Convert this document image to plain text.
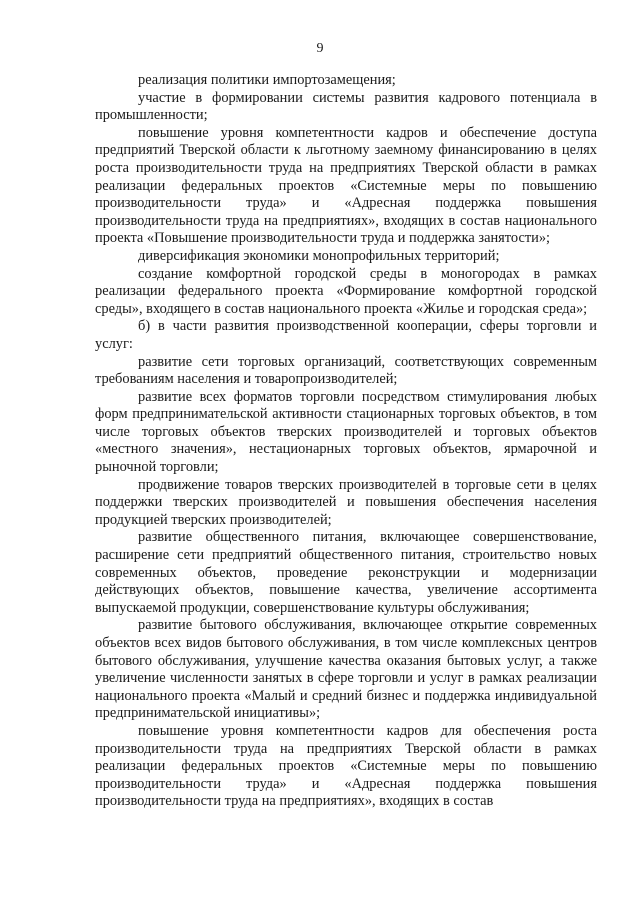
9

реализация политики импортозамещения;

участие в формировании системы развития кадрового потенциала в промышленности;

повышение уровня компетентности кадров и обеспечение доступа предприятий Тверской области к льготному заемному финансированию в целях роста производительности труда на предприятиях Тверской области в рамках реализации федеральных проектов «Системные меры по повышению производительности труда» и «Адресная поддержка повышения производительности труда на предприятиях», входящих в состав национального проекта «Повышение производительности труда и поддержка занятости»;

диверсификация экономики монопрофильных территорий;

создание комфортной городской среды в моногородах в рамках реализации федерального проекта «Формирование комфортной городской среды», входящего в состав национального проекта «Жилье и городская среда»;

б) в части развития производственной кооперации, сферы торговли и услуг:

развитие сети торговых организаций, соответствующих современным требованиям населения и товаропроизводителей;

развитие всех форматов торговли посредством стимулирования любых форм предпринимательской активности стационарных торговых объектов, в том числе торговых объектов тверских производителей и торговых объектов «местного значения», нестационарных торговых объектов, ярмарочной и рыночной торговли;

продвижение товаров тверских производителей в торговые сети в целях поддержки тверских производителей и повышения обеспечения населения продукцией тверских производителей;

развитие общественного питания, включающее совершенствование, расширение сети предприятий общественного питания, строительство новых современных объектов, проведение реконструкции и модернизации действующих объектов, повышение качества, увеличение ассортимента выпускаемой продукции, совершенствование культуры обслуживания;

развитие бытового обслуживания, включающее открытие современных объектов всех видов бытового обслуживания, в том числе комплексных центров бытового обслуживания, улучшение качества оказания бытовых услуг, а также увеличение численности занятых в сфере торговли и услуг в рамках реализации национального проекта «Малый и средний бизнес и поддержка индивидуальной предпринимательской инициативы»;

повышение уровня компетентности кадров для обеспечения роста производительности труда на предприятиях Тверской области в рамках реализации федеральных проектов «Системные меры по повышению производительности труда» и «Адресная поддержка повышения производительности труда на предприятиях», входящих в состав
